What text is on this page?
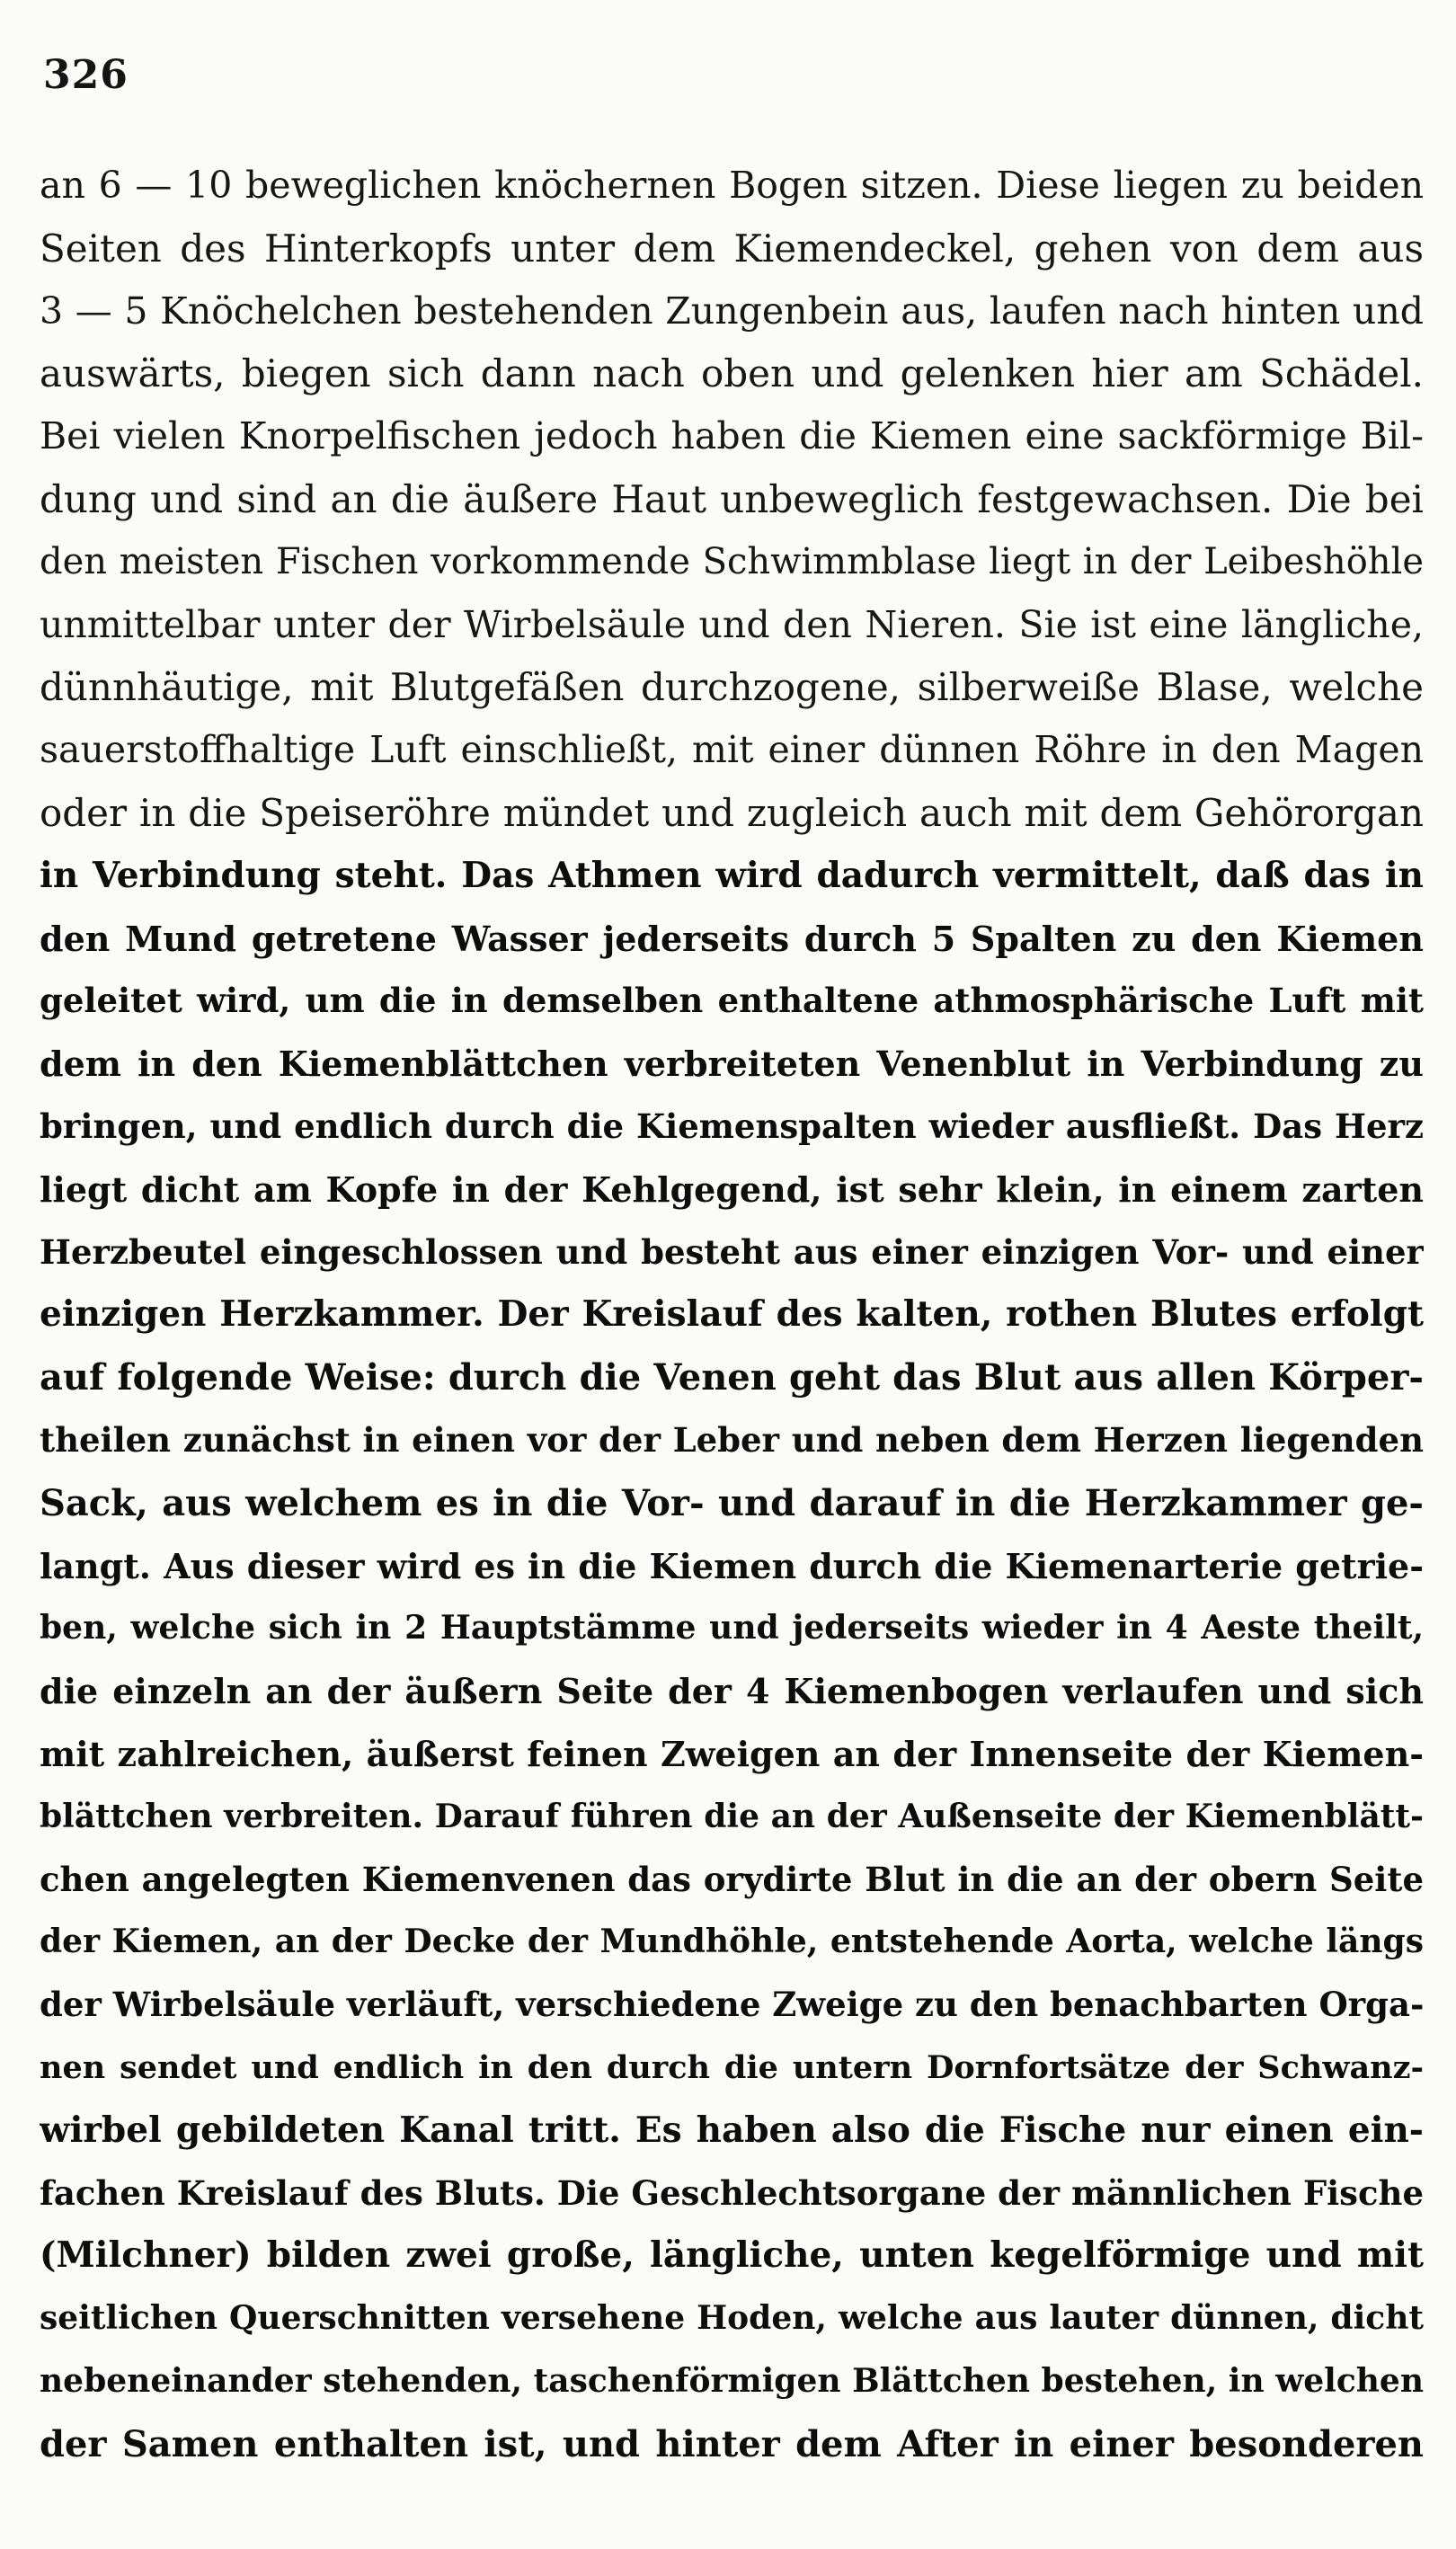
326
an 6 — 10 beweglichen knöchernen Bogen sitzen. Diese liegen zu beiden
Seiten des Hinterkopfs unter dem Kiemendeckel, gehen von dem aus
3 — 5 Knöchelchen bestehenden Zungenbein aus, laufen nach hinten und
auswärts, biegen sich dann nach oben und gelenken hier am Schädel.
Bei vielen Knorpelfischen jedoch haben die Kiemen eine sackförmige Bil-
dung und sind an die äußere Haut unbeweglich festgewachsen. Die bei
den meisten Fischen vorkommende Schwimmblase liegt in der Leibeshöhle
unmittelbar unter der Wirbelsäule und den Nieren. Sie ist eine längliche,
dünnhäutige, mit Blutgefäßen durchzogene, silberweiße Blase, welche
sauerstoffhaltige Luft einschließt, mit einer dünnen Röhre in den Magen
oder in die Speiseröhre mündet und zugleich auch mit dem Gehörorgan
in Verbindung steht. Das Athmen wird dadurch vermittelt, daß das in
den Mund getretene Wasser jederseits durch 5 Spalten zu den Kiemen
geleitet wird, um die in demselben enthaltene athmosphärische Luft mit
dem in den Kiemenblättchen verbreiteten Venenblut in Verbindung zu
bringen, und endlich durch die Kiemenspalten wieder ausfließt. Das Herz
liegt dicht am Kopfe in der Kehlgegend, ist sehr klein, in einem zarten
Herzbeutel eingeschlossen und besteht aus einer einzigen Vor- und einer
einzigen Herzkammer. Der Kreislauf des kalten, rothen Blutes erfolgt
auf folgende Weise: durch die Venen geht das Blut aus allen Körper-
theilen zunächst in einen vor der Leber und neben dem Herzen liegenden
Sack, aus welchem es in die Vor- und darauf in die Herzkammer ge-
langt. Aus dieser wird es in die Kiemen durch die Kiemenarterie getrie-
ben, welche sich in 2 Hauptstämme und jederseits wieder in 4 Aeste theilt,
die einzeln an der äußern Seite der 4 Kiemenbogen verlaufen und sich
mit zahlreichen, äußerst feinen Zweigen an der Innenseite der Kiemen-
blättchen verbreiten. Darauf führen die an der Außenseite der Kiemenblätt-
chen angelegten Kiemenvenen das orydirte Blut in die an der obern Seite
der Kiemen, an der Decke der Mundhöhle, entstehende Aorta, welche längs
der Wirbelsäule verläuft, verschiedene Zweige zu den benachbarten Orga-
nen sendet und endlich in den durch die untern Dornfortsätze der Schwanz-
wirbel gebildeten Kanal tritt. Es haben also die Fische nur einen ein-
fachen Kreislauf des Bluts. Die Geschlechtsorgane der männlichen Fische
(Milchner) bilden zwei große, längliche, unten kegelförmige und mit
seitlichen Querschnitten versehene Hoden, welche aus lauter dünnen, dicht
nebeneinander stehenden, taschenförmigen Blättchen bestehen, in welchen
der Samen enthalten ist, und hinter dem After in einer besonderen
